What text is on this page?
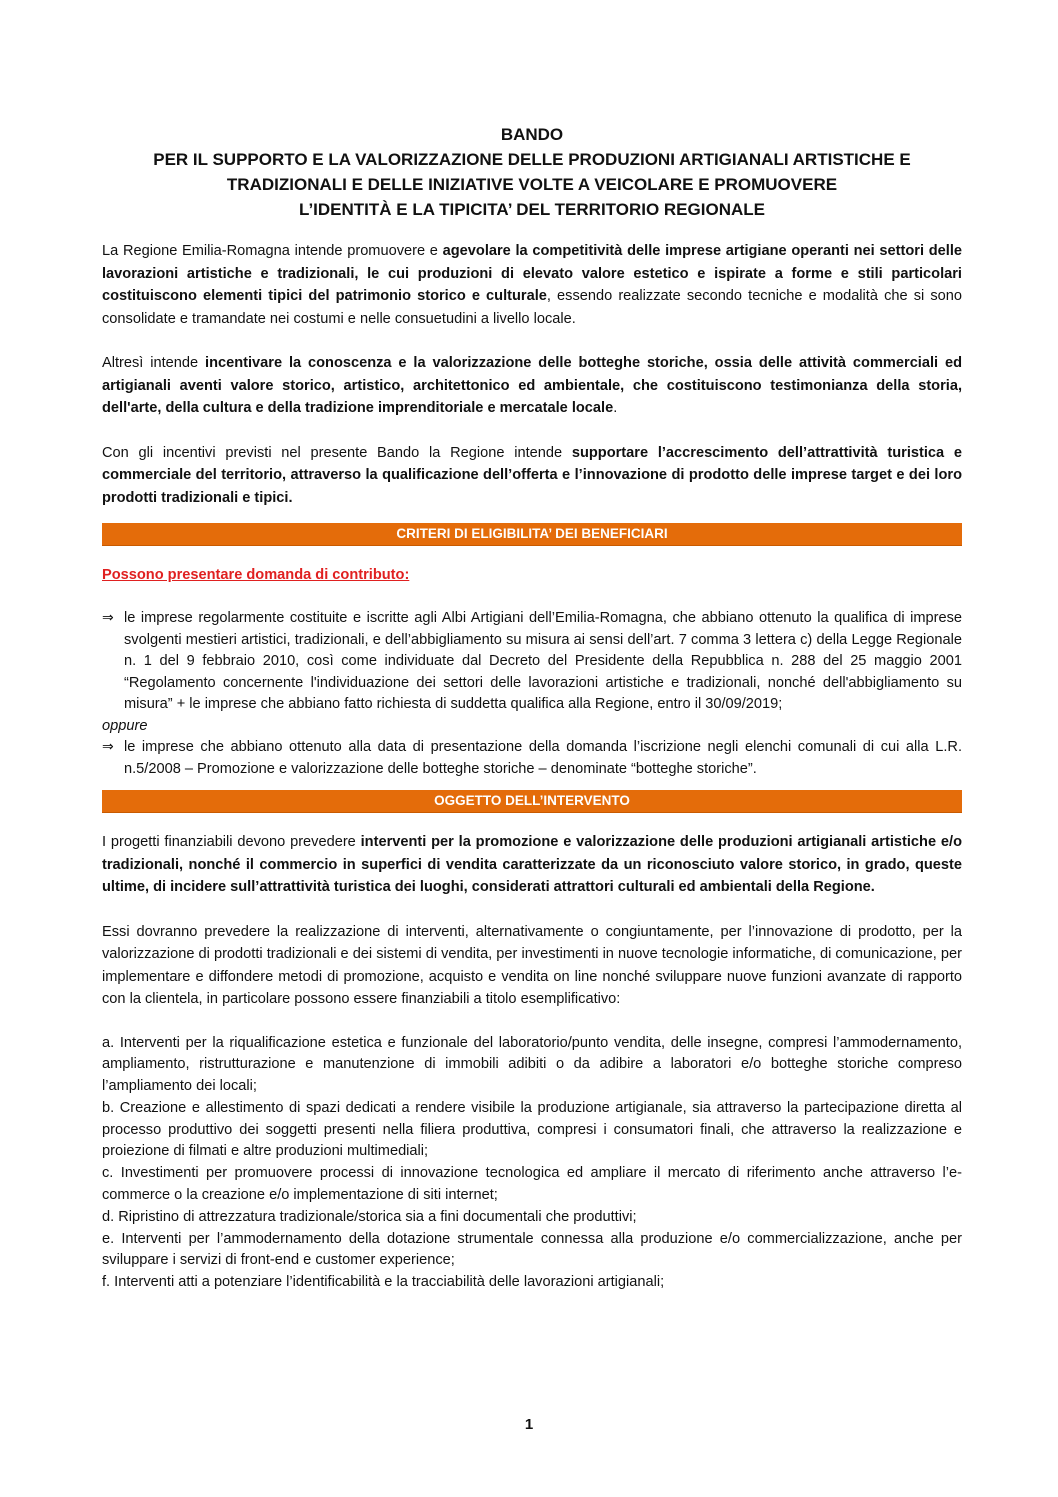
BANDO
PER IL SUPPORTO E LA VALORIZZAZIONE DELLE PRODUZIONI ARTIGIANALI ARTISTICHE E
TRADIZIONALI E DELLE INIZIATIVE VOLTE A VEICOLARE E PROMUOVERE
L’IDENTITÀ E LA TIPICITA’ DEL TERRITORIO REGIONALE

La Regione Emilia-Romagna intende promuovere e agevolare la competitività delle imprese artigiane operanti nei settori delle lavorazioni artistiche e tradizionali, le cui produzioni di elevato valore estetico e ispirate a forme e stili particolari costituiscono elementi tipici del patrimonio storico e culturale, essendo realizzate secondo tecniche e modalità che si sono consolidate e tramandate nei costumi e nelle consuetudini a livello locale.

Altresì intende incentivare la conoscenza e la valorizzazione delle botteghe storiche, ossia delle attività commerciali ed artigianali aventi valore storico, artistico, architettonico ed ambientale, che costituiscono testimonianza della storia, dell'arte, della cultura e della tradizione imprenditoriale e mercatale locale.

Con gli incentivi previsti nel presente Bando la Regione intende supportare l’accrescimento dell’attrattività turistica e commerciale del territorio, attraverso la qualificazione dell’offerta e l’innovazione di prodotto delle imprese target e dei loro prodotti tradizionali e tipici.

CRITERI DI ELIGIBILITA’ DEI BENEFICIARI
Possono presentare domanda di contributo:
⇒ le imprese regolarmente costituite e iscritte agli Albi Artigiani dell’Emilia-Romagna, che abbiano ottenuto la qualifica di imprese svolgenti mestieri artistici, tradizionali, e dell’abbigliamento su misura ai sensi dell’art. 7 comma 3 lettera c) della Legge Regionale n. 1 del 9 febbraio 2010, così come individuate dal Decreto del Presidente della Repubblica n. 288 del 25 maggio 2001 “Regolamento concernente l'individuazione dei settori delle lavorazioni artistiche e tradizionali, nonché dell'abbigliamento su misura” + le imprese che abbiano fatto richiesta di suddetta qualifica alla Regione, entro il 30/09/2019;
oppure
⇒ le imprese che abbiano ottenuto alla data di presentazione della domanda l’iscrizione negli elenchi comunali di cui alla L.R. n.5/2008 – Promozione e valorizzazione delle botteghe storiche – denominate “botteghe storiche”.
OGGETTO DELL’INTERVENTO

I progetti finanziabili devono prevedere interventi per la promozione e valorizzazione delle produzioni artigianali artistiche e/o tradizionali, nonché il commercio in superfici di vendita caratterizzate da un riconosciuto valore storico, in grado, queste ultime, di incidere sull’attrattività turistica dei luoghi, considerati attrattori culturali ed ambientali della Regione.

Essi dovranno prevedere la realizzazione di interventi, alternativamente o congiuntamente, per l’innovazione di prodotto, per la valorizzazione di prodotti tradizionali e dei sistemi di vendita, per investimenti in nuove tecnologie informatiche, di comunicazione, per implementare e diffondere metodi di promozione, acquisto e vendita on line nonché sviluppare nuove funzioni avanzate di rapporto con la clientela, in particolare possono essere finanziabili a titolo esemplificativo:

a. Interventi per la riqualificazione estetica e funzionale del laboratorio/punto vendita, delle insegne, compresi l’ammodernamento, ampliamento, ristrutturazione e manutenzione di immobili adibiti o da adibire a laboratori e/o botteghe storiche compreso l’ampliamento dei locali;

b. Creazione e allestimento di spazi dedicati a rendere visibile la produzione artigianale, sia attraverso la partecipazione diretta al processo produttivo dei soggetti presenti nella filiera produttiva, compresi i consumatori finali, che attraverso la realizzazione e proiezione di filmati e altre produzioni multimediali;

c. Investimenti per promuovere processi di innovazione tecnologica ed ampliare il mercato di riferimento anche attraverso l’e-commerce o la creazione e/o implementazione di siti internet;

d. Ripristino di attrezzatura tradizionale/storica sia a fini documentali che produttivi;

e. Interventi per l’ammodernamento della dotazione strumentale connessa alla produzione e/o commercializzazione, anche per sviluppare i servizi di front-end e customer experience;

f. Interventi atti a potenziare l’identificabilità e la tracciabilità delle lavorazioni artigianali;

1
